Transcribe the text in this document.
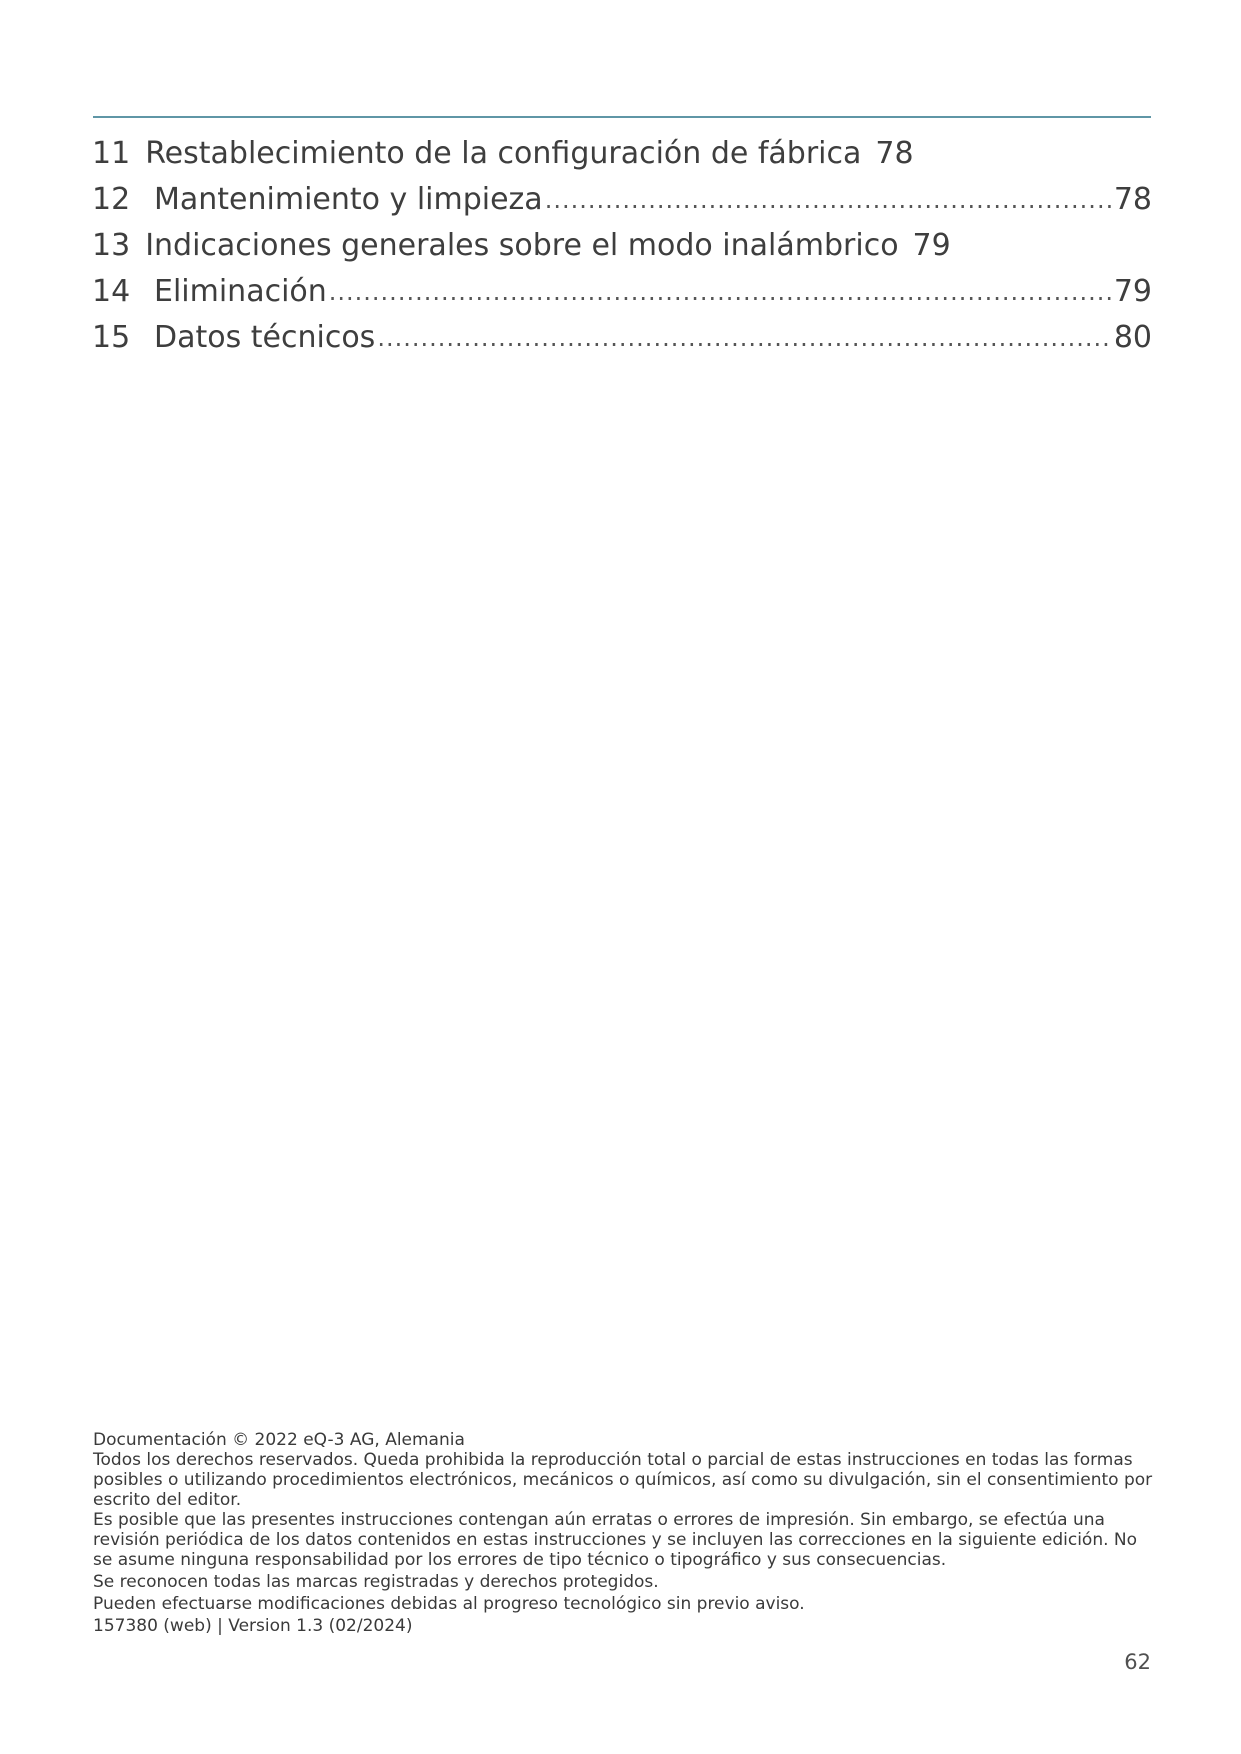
11 Restablecimiento de la configuración de fábrica 78
12 Mantenimiento y limpieza .....	78
13 Indicaciones generales sobre el modo inalámbrico 79
14 Eliminación .....	79
15 Datos técnicos .....	80

Documentación © 2022 eQ-3 AG, Alemania

Todos los derechos reservados. Queda prohibida la reproducción total o parcial de estas instrucciones en todas las formas posibles o utilizando procedimientos electrónicos, mecánicos o químicos, así como su divulgación, sin el consentimiento por escrito del editor.

Es posible que las presentes instrucciones contengan aún erratas o errores de impresión. Sin embargo, se efectúa una revisión periódica de los datos contenidos en estas instrucciones y se incluyen las correcciones en la siguiente edición. No se asume ninguna responsabilidad por los errores de tipo técnico o tipográfico y sus consecuencias.

Se reconocen todas las marcas registradas y derechos protegidos.

Pueden efectuarse modificaciones debidas al progreso tecnológico sin previo aviso.

157380 (web) | Version 1.3 (02/2024)

62
